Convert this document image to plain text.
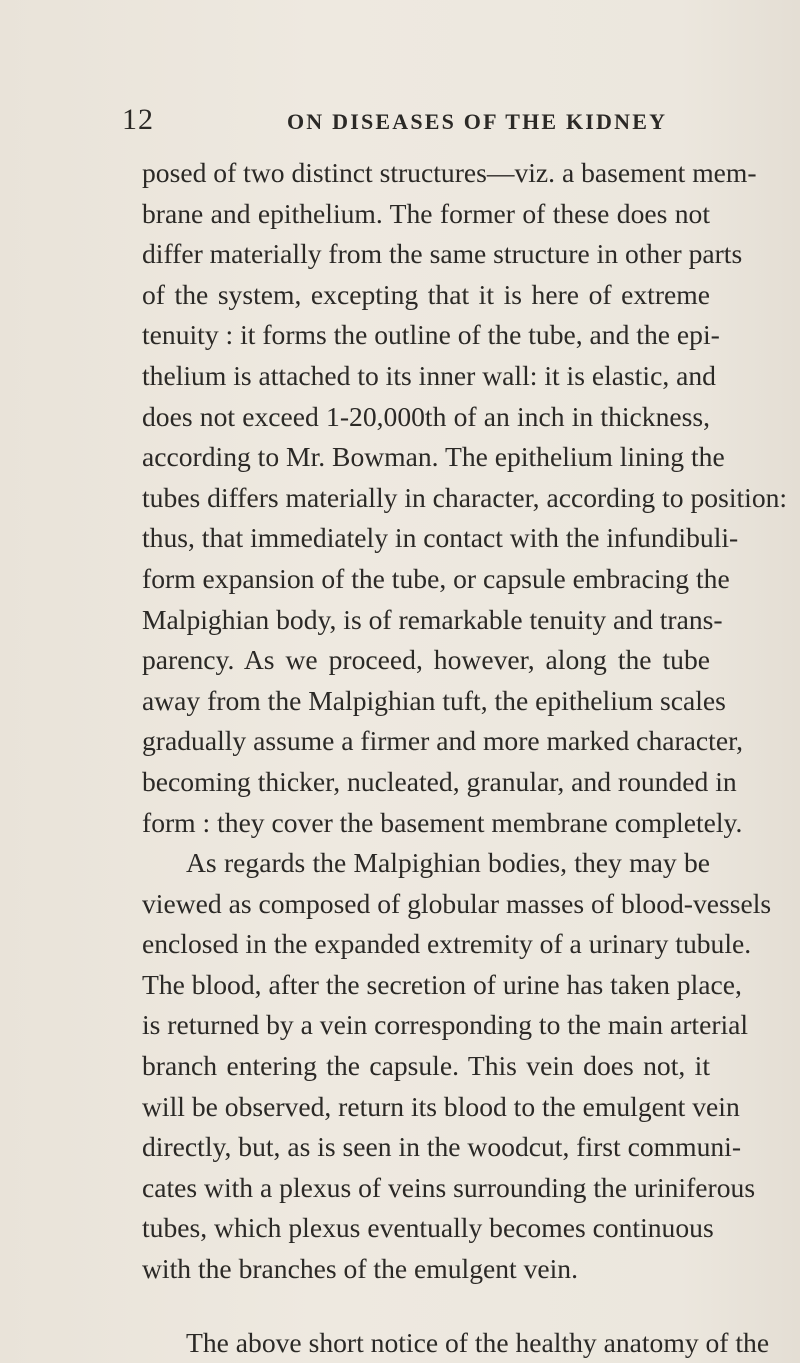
12	ON DISEASES OF THE KIDNEY
posed of two distinct structures—viz. a basement mem-
brane and epithelium. The former of these does not
differ materially from the same structure in other parts
of the system, excepting that it is here of extreme
tenuity : it forms the outline of the tube, and the epi-
thelium is attached to its inner wall: it is elastic, and
does not exceed 1-20,000th of an inch in thickness,
according to Mr. Bowman. The epithelium lining the
tubes differs materially in character, according to position:
thus, that immediately in contact with the infundibuli-
form expansion of the tube, or capsule embracing the
Malpighian body, is of remarkable tenuity and trans-
parency. As we proceed, however, along the tube
away from the Malpighian tuft, the epithelium scales
gradually assume a firmer and more marked character,
becoming thicker, nucleated, granular, and rounded in
form : they cover the basement membrane completely.
As regards the Malpighian bodies, they may be
viewed as composed of globular masses of blood-vessels
enclosed in the expanded extremity of a urinary tubule.
The blood, after the secretion of urine has taken place,
is returned by a vein corresponding to the main arterial
branch entering the capsule. This vein does not, it
will be observed, return its blood to the emulgent vein
directly, but, as is seen in the woodcut, first communi-
cates with a plexus of veins surrounding the uriniferous
tubes, which plexus eventually becomes continuous
with the branches of the emulgent vein.
The above short notice of the healthy anatomy of the
